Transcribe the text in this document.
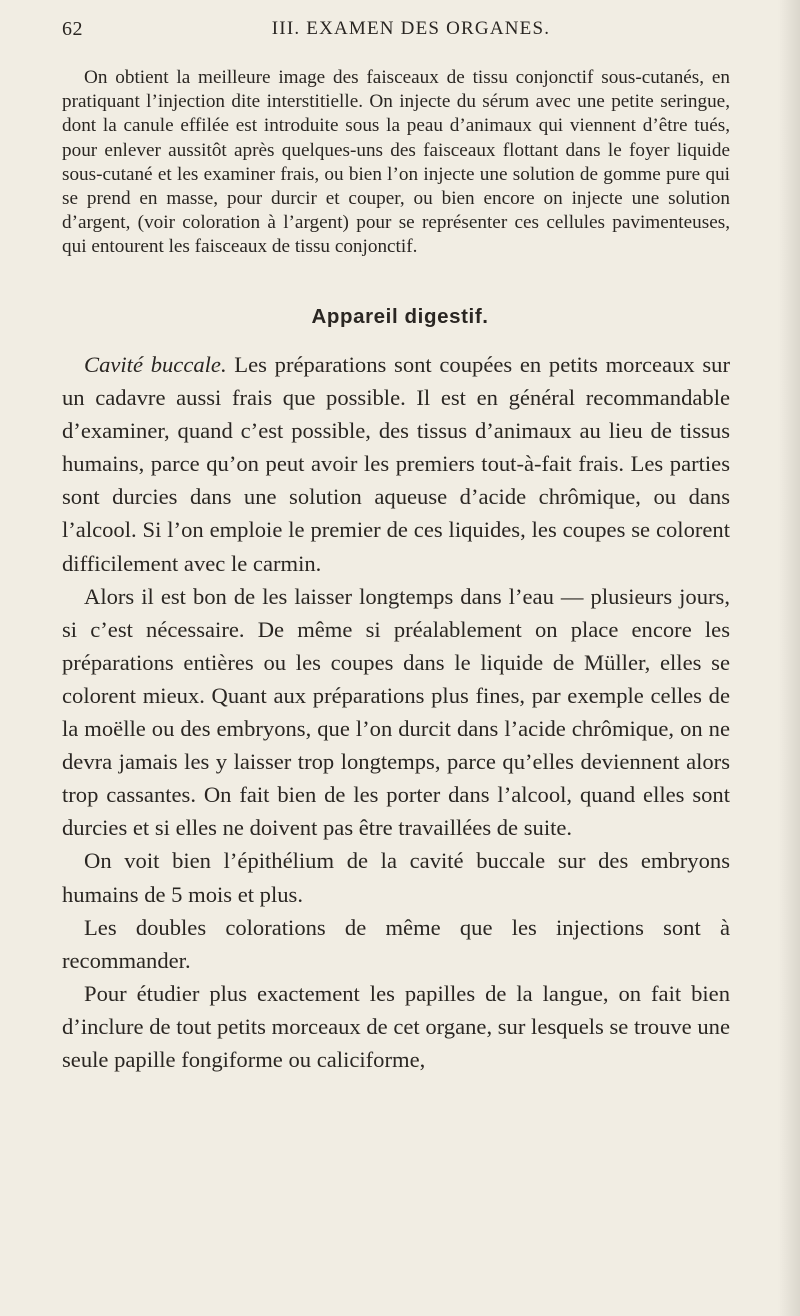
62	III. EXAMEN DES ORGANES.

On obtient la meilleure image des faisceaux de tissu conjonctif sous-cutanés, en pratiquant l’injection dite interstitielle. On injecte du sérum avec une petite seringue, dont la canule effilée est introduite sous la peau d’animaux qui viennent d’être tués, pour enlever aussitôt après quelques-uns des faisceaux flottant dans le foyer liquide sous-cutané et les examiner frais, ou bien l’on injecte une solution de gomme pure qui se prend en masse, pour durcir et couper, ou bien encore on injecte une solution d’argent, (voir coloration à l’argent) pour se représenter ces cellules pavimenteuses, qui entourent les faisceaux de tissu conjonctif.

Appareil digestif.

Cavité buccale. Les préparations sont coupées en petits morceaux sur un cadavre aussi frais que possible. Il est en général recommandable d’examiner, quand c’est possible, des tissus d’animaux au lieu de tissus humains, parce qu’on peut avoir les premiers tout-à-fait frais. Les parties sont durcies dans une solution aqueuse d’acide chrômique, ou dans l’alcool. Si l’on emploie le premier de ces liquides, les coupes se colorent difficilement avec le carmin.

Alors il est bon de les laisser longtemps dans l’eau — plusieurs jours, si c’est nécessaire. De même si préalablement on place encore les préparations entières ou les coupes dans le liquide de Müller, elles se colorent mieux. Quant aux préparations plus fines, par exemple celles de la moëlle ou des embryons, que l’on durcit dans l’acide chrômique, on ne devra jamais les y laisser trop longtemps, parce qu’elles deviennent alors trop cassantes. On fait bien de les porter dans l’alcool, quand elles sont durcies et si elles ne doivent pas être travaillées de suite.

On voit bien l’épithélium de la cavité buccale sur des embryons humains de 5 mois et plus.

Les doubles colorations de même que les injections sont à recommander.

Pour étudier plus exactement les papilles de la langue, on fait bien d’inclure de tout petits morceaux de cet organe, sur lesquels se trouve une seule papille fongiforme ou caliciforme,
